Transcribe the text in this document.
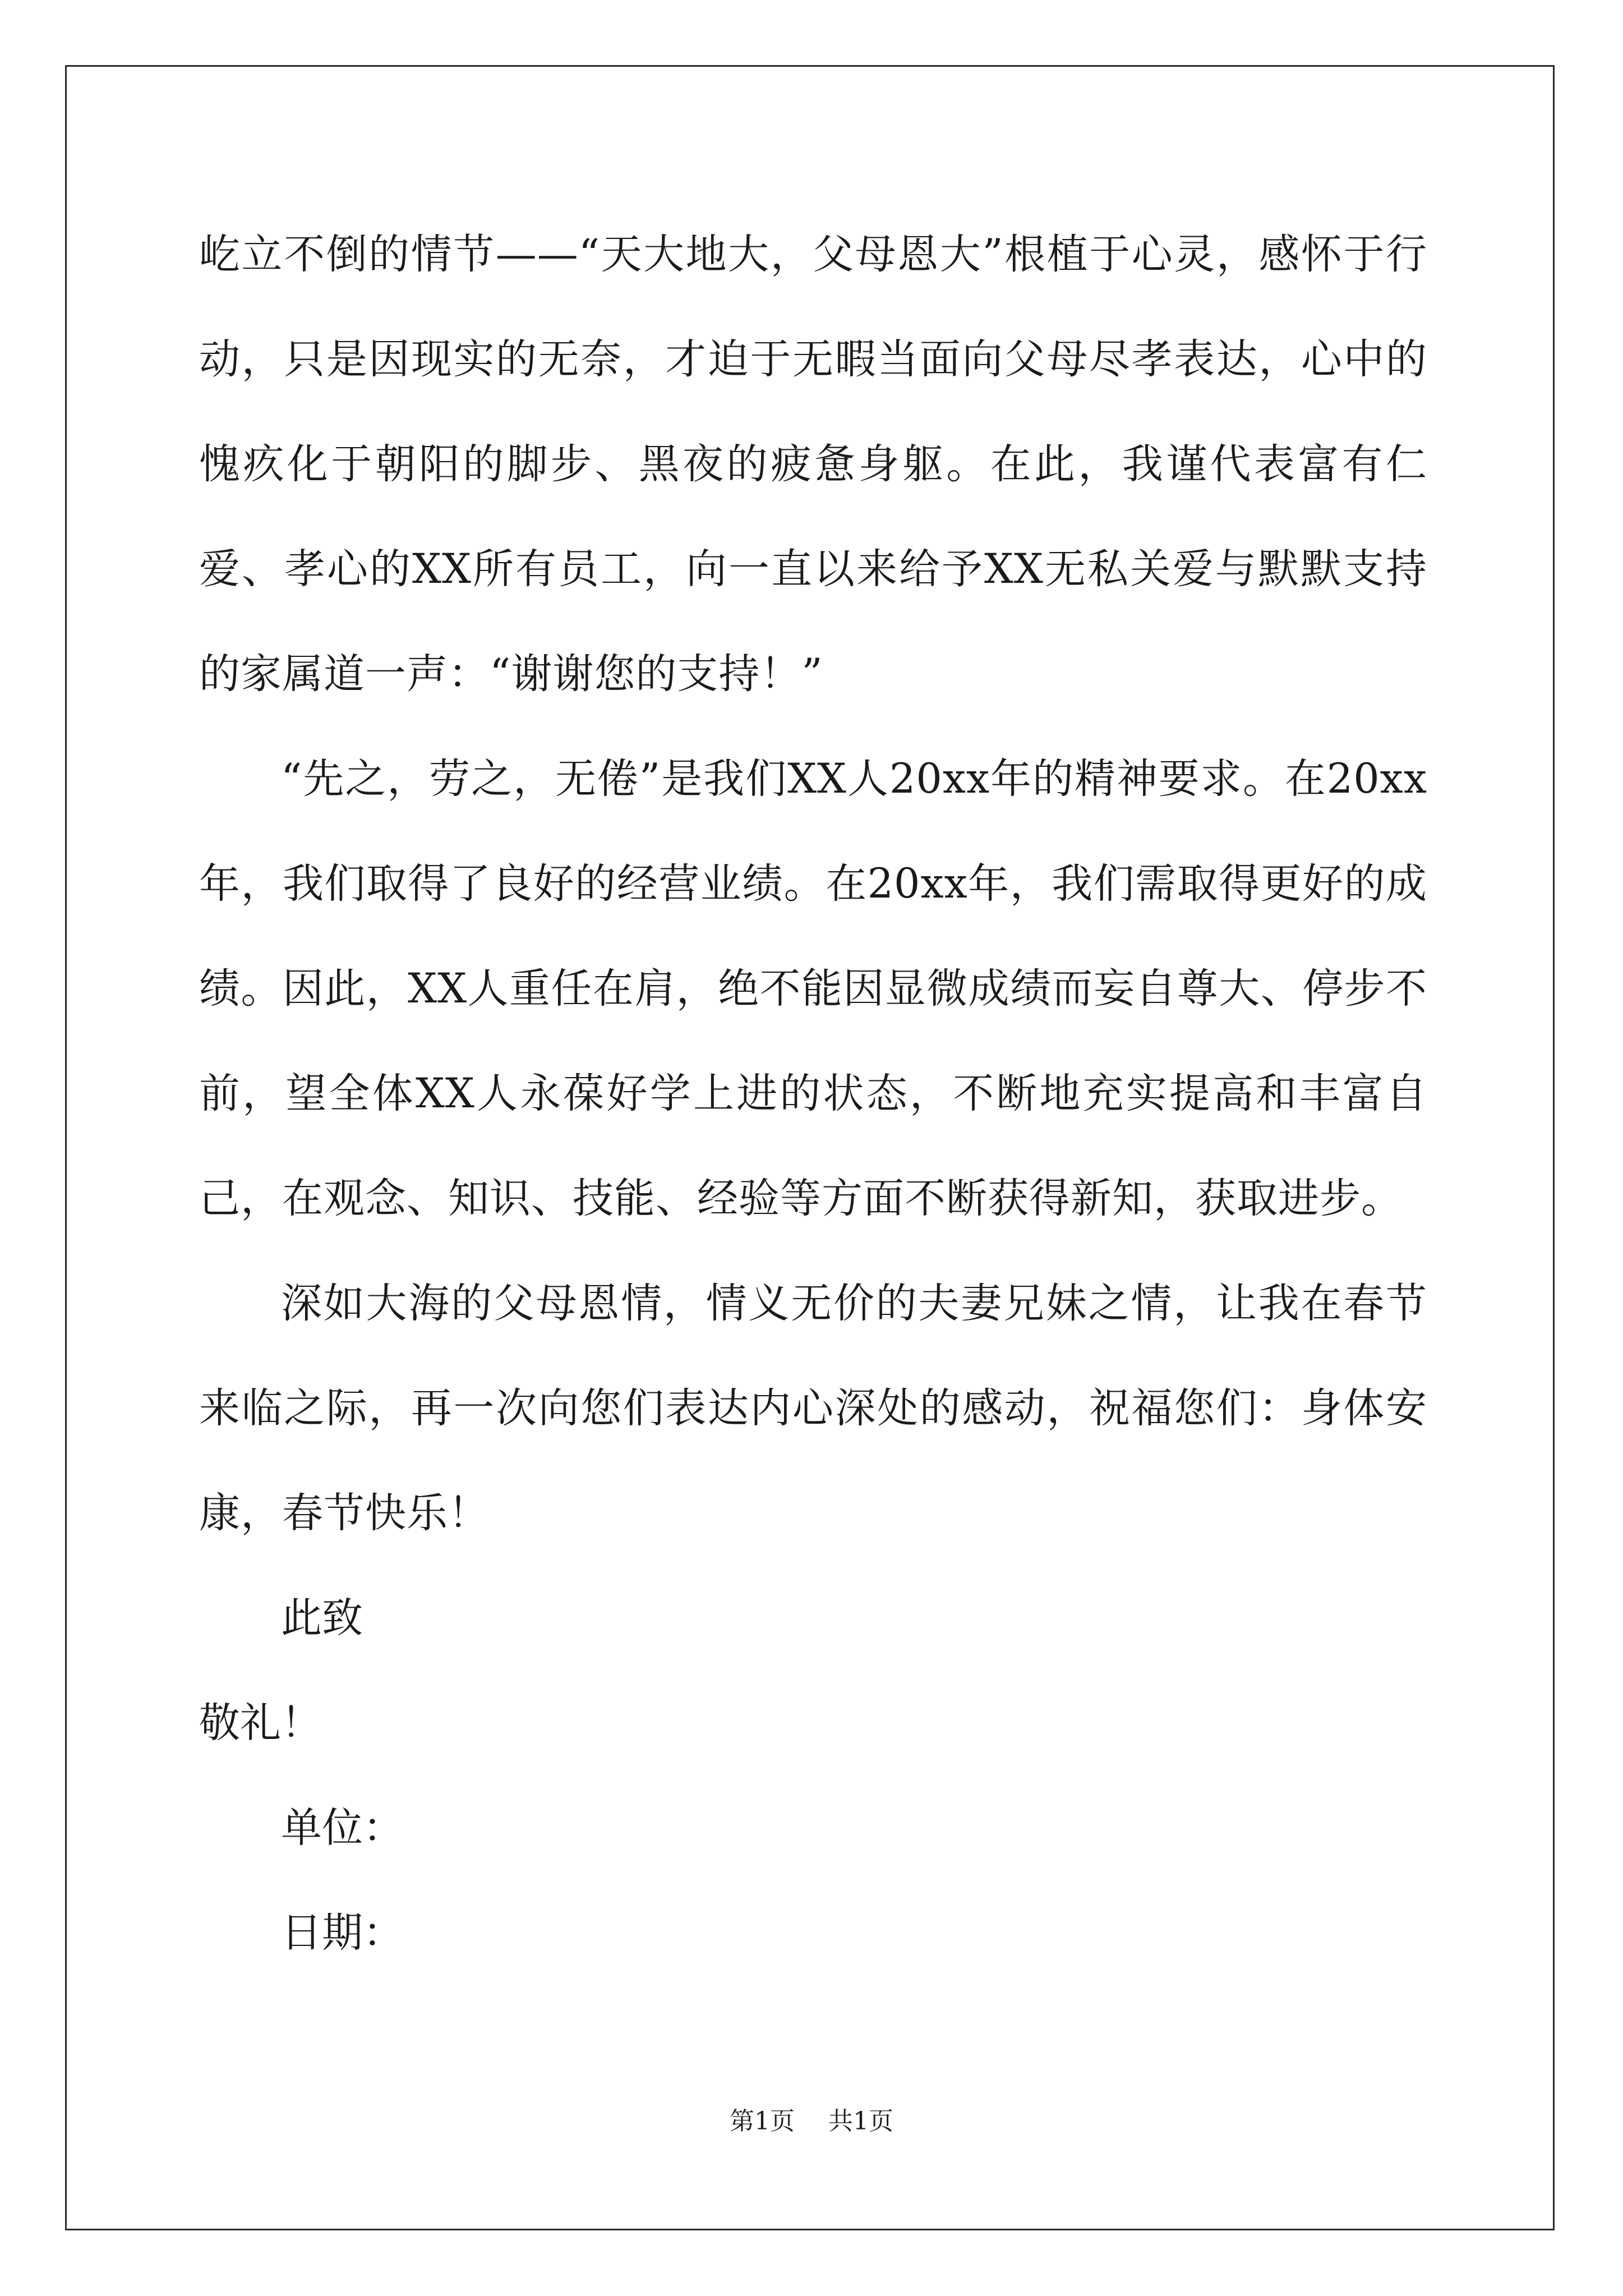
屹立不倒的情节——“天大地大，父母恩大”根植于心灵，感怀于行动，只是因现实的无奈，才迫于无暇当面向父母尽孝表达，心中的愧疚化于朝阳的脚步、黑夜的疲惫身躯。在此，我谨代表富有仁爱、孝心的XX所有员工，向一直以来给予XX无私关爱与默默支持的家属道一声：“谢谢您的支持！”

“先之，劳之，无倦”是我们XX人20xx年的精神要求。在20xx年，我们取得了良好的经营业绩。在20xx年，我们需取得更好的成绩。因此，XX人重任在肩，绝不能因显微成绩而妄自尊大、停步不前，望全体XX人永葆好学上进的状态，不断地充实提高和丰富自己，在观念、知识、技能、经验等方面不断获得新知，获取进步。

深如大海的父母恩情，情义无价的夫妻兄妹之情，让我在春节来临之际，再一次向您们表达内心深处的感动，祝福您们：身体安康，春节快乐！

此致

敬礼！

单位：

日期：

第1页 共1页
